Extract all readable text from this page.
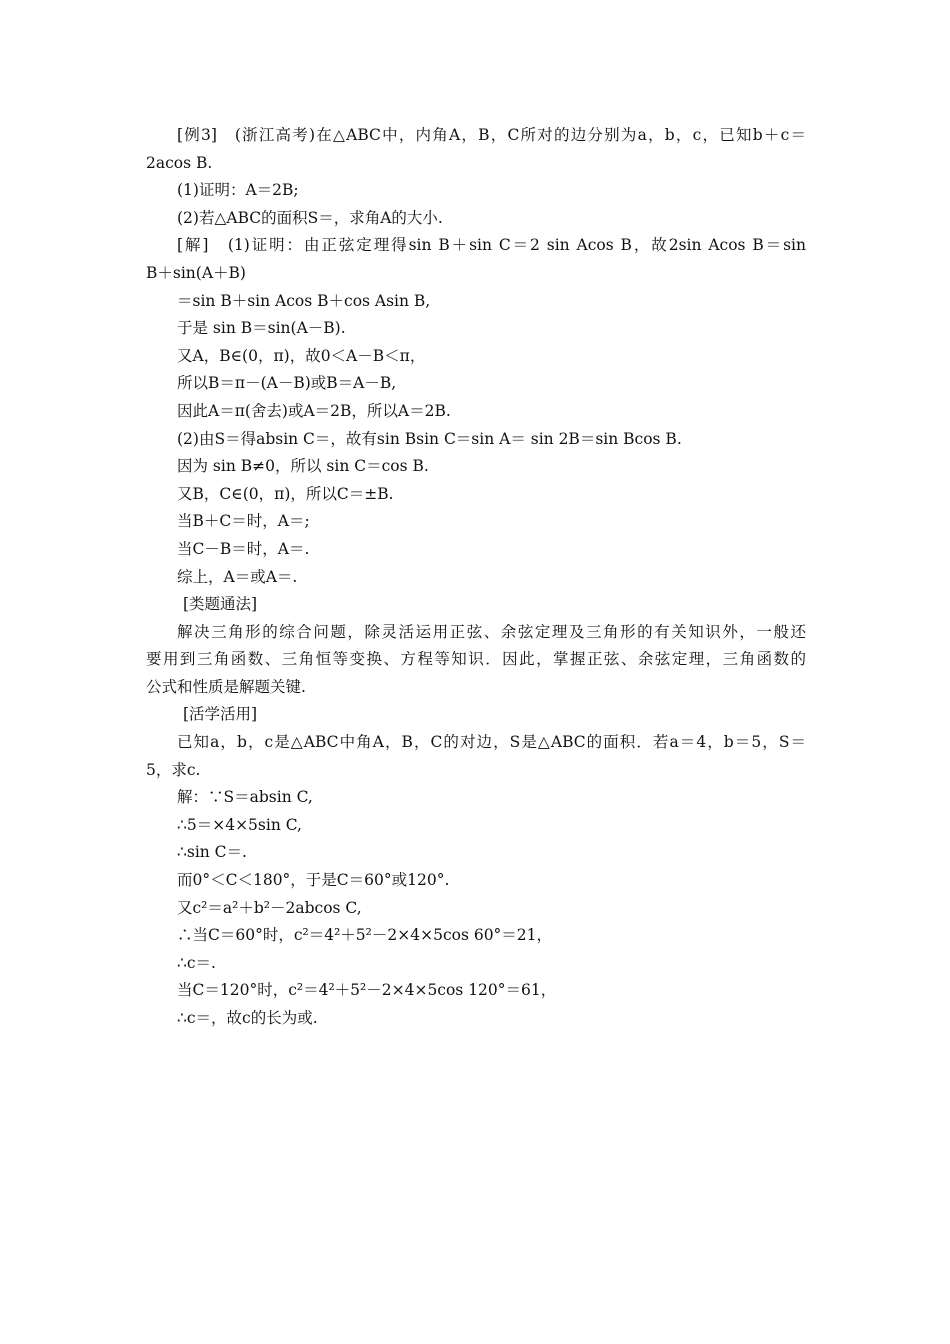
[例3]　(浙江高考)在△ABC中，内角A，B，C所对的边分别为a，b，c，已知b＋c＝
2acos B.
(1)证明：A＝2B;
(2)若△ABC的面积S＝，求角A的大小.
[解]　(1)证明：由正弦定理得sin B＋sin C＝2 sin Acos B，故2sin Acos B＝sin
B＋sin(A＋B)
＝sin B＋sin Acos B＋cos Asin B,
于是 sin B＝sin(A－B).
又A，B∈(0，π)，故0＜A－B＜π，
所以B＝π－(A－B)或B＝A－B,
因此A＝π(舍去)或A＝2B，所以A＝2B.
(2)由S＝得absin C＝，故有sin Bsin C＝sin A＝ sin 2B＝sin Bcos B.
因为 sin B≠0，所以 sin C＝cos B.
又B，C∈(0，π)，所以C＝±B.
当B＋C＝时，A＝;
当C－B＝时，A＝.
综上，A＝或A＝.
[类题通法]
解决三角形的综合问题，除灵活运用正弦、余弦定理及三角形的有关知识外，一般还
要用到三角函数、三角恒等变换、方程等知识．因此，掌握正弦、余弦定理，三角函数的
公式和性质是解题关键.
[活学活用]
已知a，b，c是△ABC中角A，B，C的对边，S是△ABC的面积．若a＝4，b＝5，S＝
5，求c.
解：∵S＝absin C,
∴5＝×4×5sin C,
∴sin C＝.
而0°＜C＜180°，于是C＝60°或120°.
又c²＝a²＋b²－2abcos C,
∴当C＝60°时，c²＝4²＋5²－2×4×5cos 60°＝21，
∴c＝.
当C＝120°时，c²＝4²＋5²－2×4×5cos 120°＝61，
∴c＝，故c的长为或.
